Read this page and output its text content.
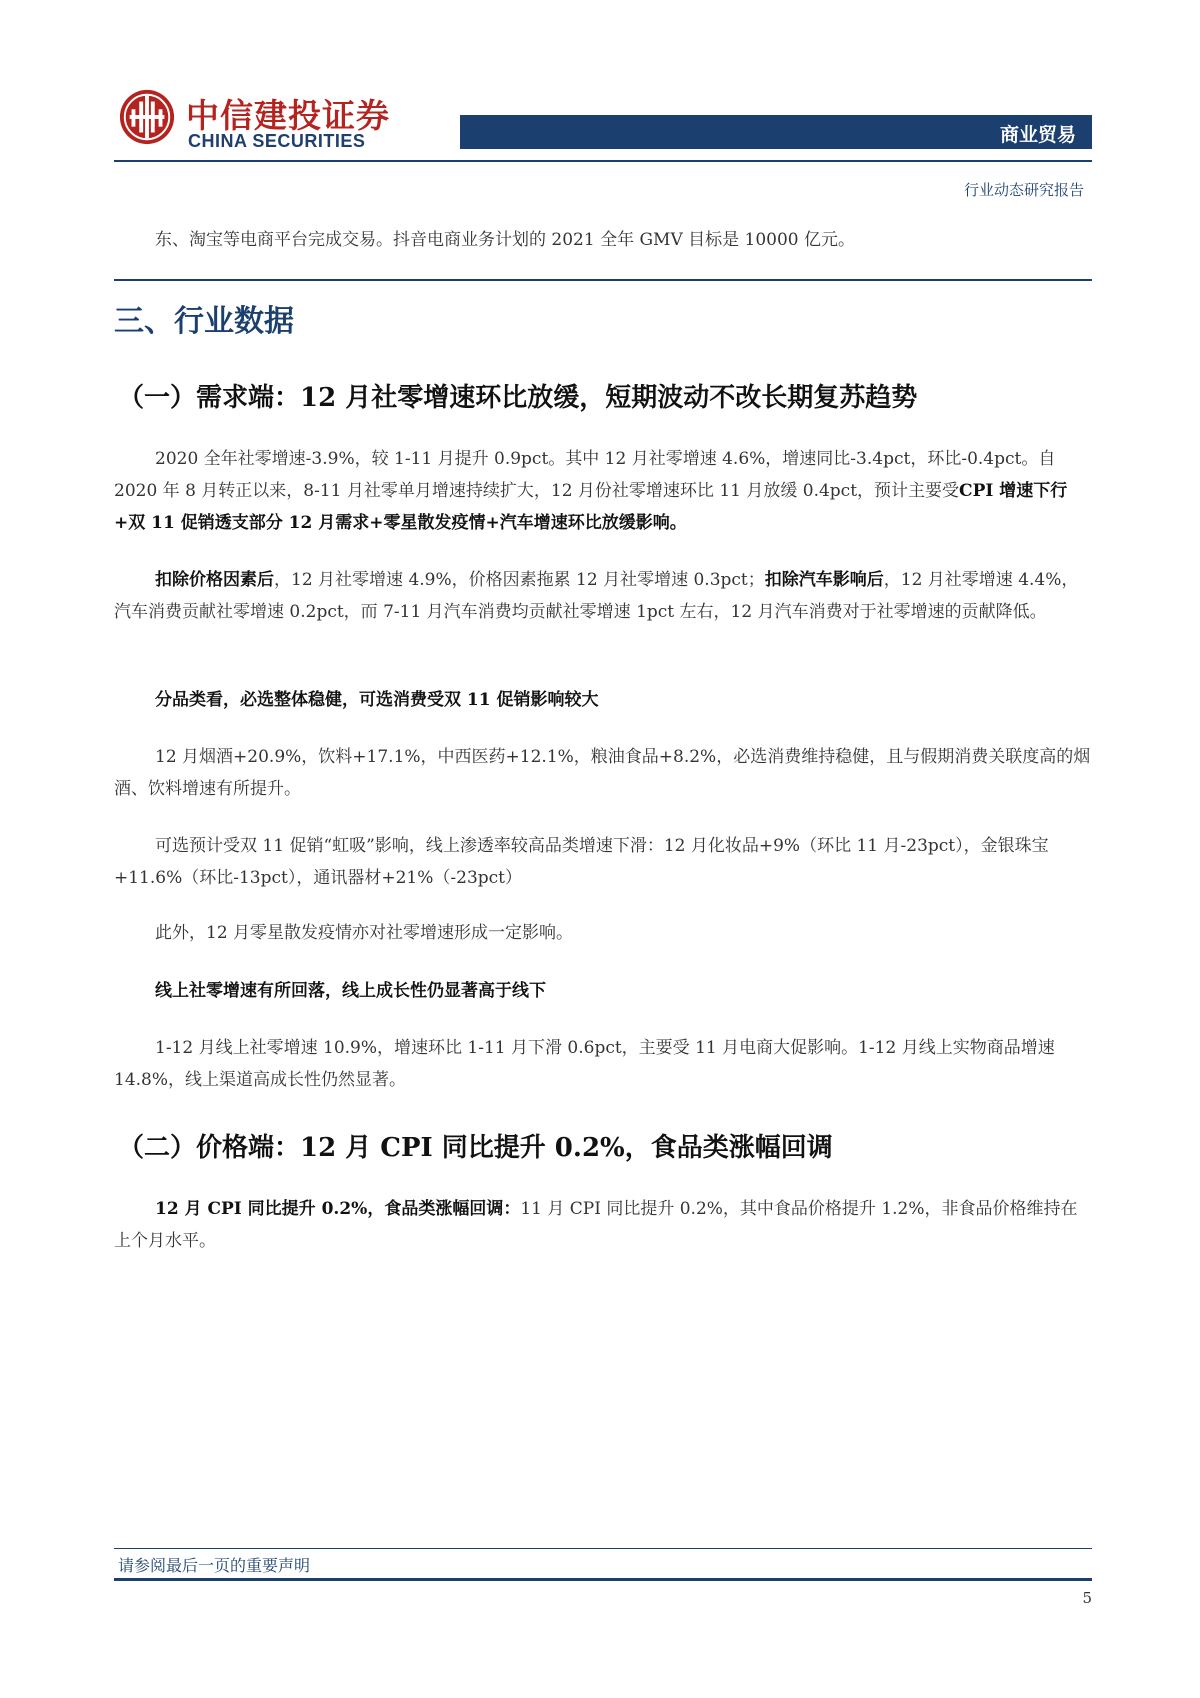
中信建投证券
CHINA SECURITIES	商业贸易
行业动态研究报告
东、淘宝等电商平台完成交易。抖音电商业务计划的 2021 全年 GMV 目标是 10000 亿元。
三、行业数据
（一）需求端：12 月社零增速环比放缓，短期波动不改长期复苏趋势
2020 全年社零增速-3.9%，较 1-11 月提升 0.9pct。其中 12 月社零增速 4.6%，增速同比-3.4pct，环比-0.4pct。自 2020 年 8 月转正以来，8-11 月社零单月增速持续扩大，12 月份社零增速环比 11 月放缓 0.4pct，预计主要受CPI 增速下行+双 11 促销透支部分 12 月需求+零星散发疫情+汽车增速环比放缓影响。
扣除价格因素后，12 月社零增速 4.9%，价格因素拖累 12 月社零增速 0.3pct；扣除汽车影响后，12 月社零增速 4.4%，汽车消费贡献社零增速 0.2pct，而 7-11 月汽车消费均贡献社零增速 1pct 左右，12 月汽车消费对于社零增速的贡献降低。
分品类看，必选整体稳健，可选消费受双 11 促销影响较大
12 月烟酒+20.9%，饮料+17.1%，中西医药+12.1%，粮油食品+8.2%，必选消费维持稳健，且与假期消费关联度高的烟酒、饮料增速有所提升。
可选预计受双 11 促销“虹吸”影响，线上渗透率较高品类增速下滑：12 月化妆品+9%（环比 11 月-23pct），金银珠宝+11.6%（环比-13pct），通讯器材+21%（-23pct）
此外，12 月零星散发疫情亦对社零增速形成一定影响。
线上社零增速有所回落，线上成长性仍显著高于线下
1-12 月线上社零增速 10.9%，增速环比 1-11 月下滑 0.6pct，主要受 11 月电商大促影响。1-12 月线上实物商品增速 14.8%，线上渠道高成长性仍然显著。
（二）价格端：12 月 CPI 同比提升 0.2%，食品类涨幅回调
12 月 CPI 同比提升 0.2%，食品类涨幅回调：11 月 CPI 同比提升 0.2%，其中食品价格提升 1.2%，非食品价格维持在上个月水平。
请参阅最后一页的重要声明
5
